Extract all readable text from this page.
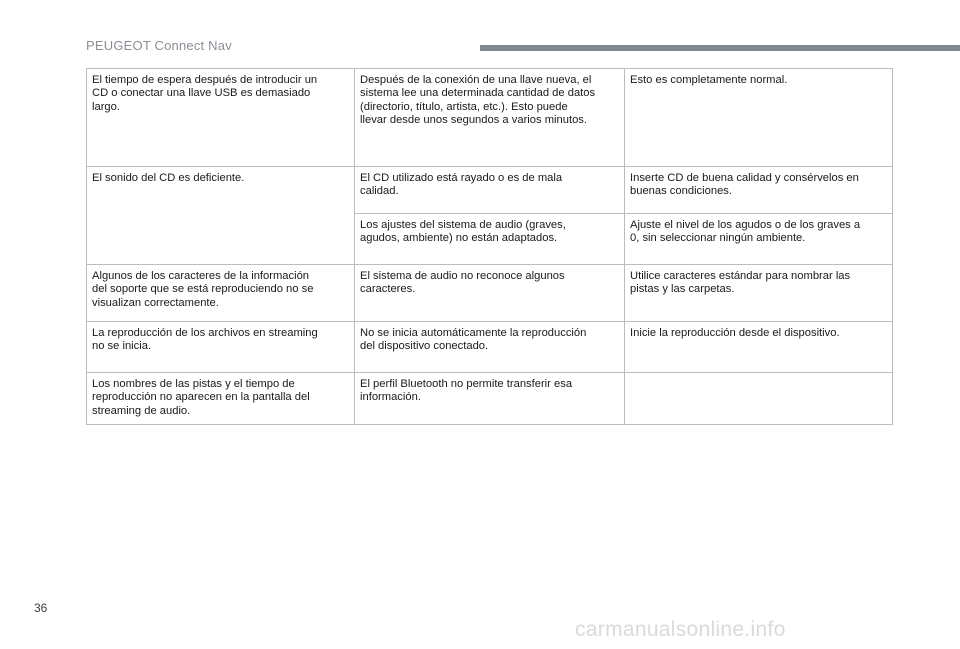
PEUGEOT Connect Nav
El tiempo de espera después de introducir un
CD o conectar una llave USB es demasiado
largo.	Después de la conexión de una llave nueva, el
sistema lee una determinada cantidad de datos
(directorio, título, artista, etc.). Esto puede
llevar desde unos segundos a varios minutos.	Esto es completamente normal.
El sonido del CD es deficiente.	El CD utilizado está rayado o es de mala
calidad.	Inserte CD de buena calidad y consérvelos en
buenas condiciones.
	Los ajustes del sistema de audio (graves,
agudos, ambiente) no están adaptados.	Ajuste el nivel de los agudos o de los graves a
0, sin seleccionar ningún ambiente.
Algunos de los caracteres de la información
del soporte que se está reproduciendo no se
visualizan correctamente.	El sistema de audio no reconoce algunos
caracteres.	Utilice caracteres estándar para nombrar las
pistas y las carpetas.
La reproducción de los archivos en streaming
no se inicia.	No se inicia automáticamente la reproducción
del dispositivo conectado.	Inicie la reproducción desde el dispositivo.
Los nombres de las pistas y el tiempo de
reproducción no aparecen en la pantalla del
streaming de audio.	El perfil Bluetooth no permite transferir esa
información.	
36
carmanualsonline.info
